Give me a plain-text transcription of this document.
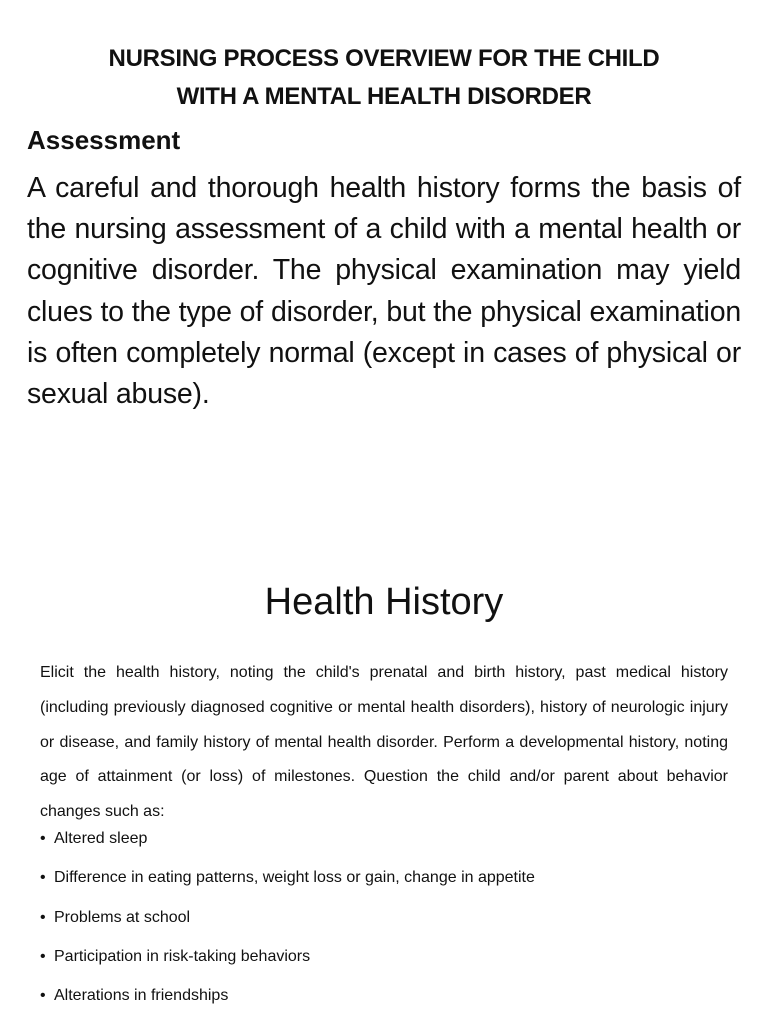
NURSING PROCESS OVERVIEW FOR THE CHILD
WITH A MENTAL HEALTH DISORDER
Assessment

A careful and thorough health history forms the basis of the nursing assessment of a child with a mental health or cognitive disorder. The physical examination may yield clues to the type of disorder, but the physical examination is often completely normal (except in cases of physical or sexual abuse).

Health History

Elicit the health history, noting the child's prenatal and birth history, past medical history (including previously diagnosed cognitive or mental health disorders), history of neurologic injury or disease, and family history of mental health disorder. Perform a developmental history, noting age of attainment (or loss) of milestones. Question the child and/or parent about behavior changes such as:

• Altered sleep
• Difference in eating patterns, weight loss or gain, change in appetite
• Problems at school
• Participation in risk-taking behaviors
• Alterations in friendships
